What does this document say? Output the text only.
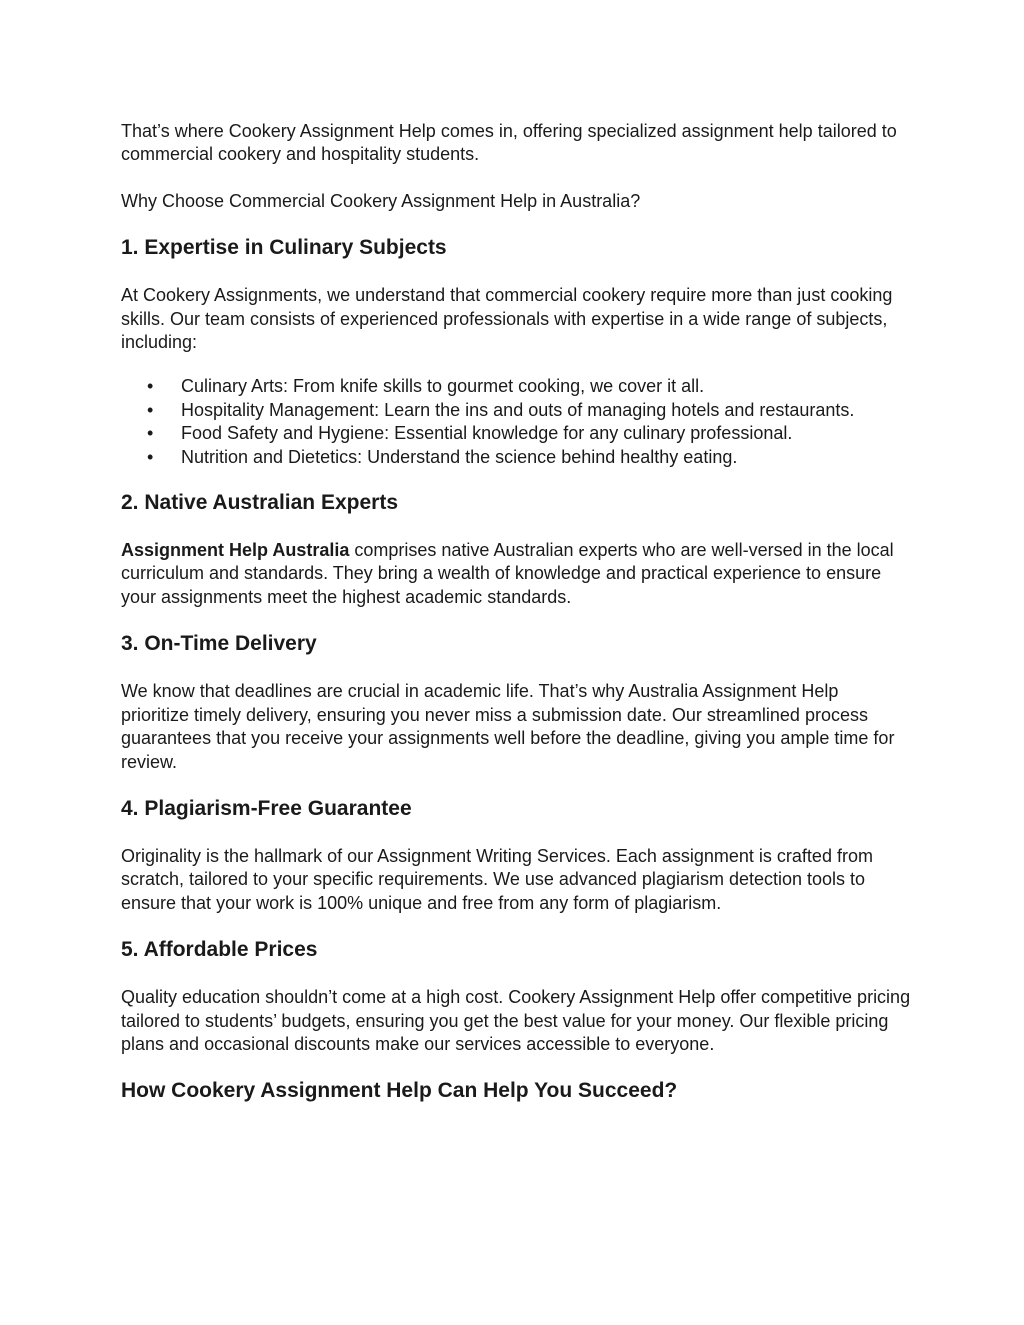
That’s where Cookery Assignment Help comes in, offering specialized assignment help tailored to commercial cookery and hospitality students.

Why Choose Commercial Cookery Assignment Help in Australia?

1. Expertise in Culinary Subjects

At Cookery Assignments, we understand that commercial cookery require more than just cooking skills. Our team consists of experienced professionals with expertise in a wide range of subjects, including:

• Culinary Arts: From knife skills to gourmet cooking, we cover it all.
• Hospitality Management: Learn the ins and outs of managing hotels and restaurants.
• Food Safety and Hygiene: Essential knowledge for any culinary professional.
• Nutrition and Dietetics: Understand the science behind healthy eating.
2. Native Australian Experts

Assignment Help Australia comprises native Australian experts who are well-versed in the local curriculum and standards. They bring a wealth of knowledge and practical experience to ensure your assignments meet the highest academic standards.

3. On-Time Delivery

We know that deadlines are crucial in academic life. That’s why Australia Assignment Help prioritize timely delivery, ensuring you never miss a submission date. Our streamlined process guarantees that you receive your assignments well before the deadline, giving you ample time for review.

4. Plagiarism-Free Guarantee

Originality is the hallmark of our Assignment Writing Services. Each assignment is crafted from scratch, tailored to your specific requirements. We use advanced plagiarism detection tools to ensure that your work is 100% unique and free from any form of plagiarism.

5. Affordable Prices

Quality education shouldn’t come at a high cost. Cookery Assignment Help offer competitive pricing tailored to students’ budgets, ensuring you get the best value for your money. Our flexible pricing plans and occasional discounts make our services accessible to everyone.

How Cookery Assignment Help Can Help You Succeed?
